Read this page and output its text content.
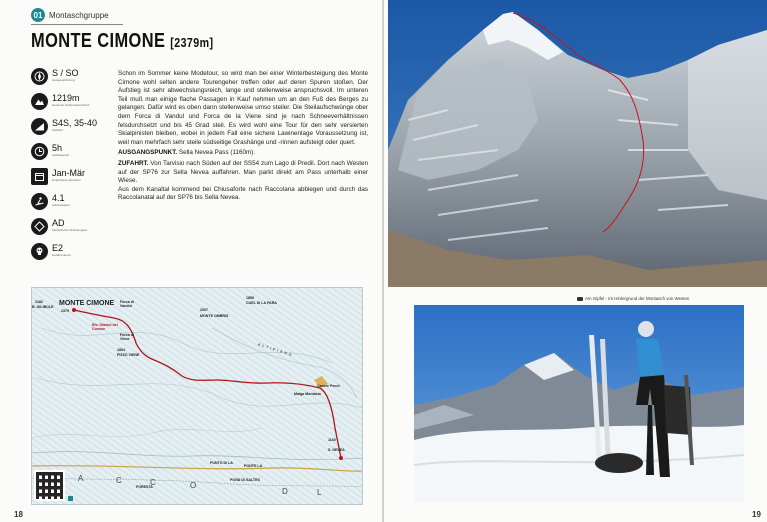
01 Montaschgruppe
MONTE CIMONE [2379m]
S / SO
Hangausrichtung
1219m
Gesamte Höhenunterschied
S4S, 35-40
Steilheit
5h
Aufstiegszeit
Jan-Mär
Empfohlene Zeitraum
4.1
Schwierigkeit
AD
Alpinistische Schwierigkeit
E2
Gefahrenlevel

Schon im Sommer keine Modetour, so wird man bei einer Winterbesteigung des Monte Cimone wohl selten andere Tourengeher treffen oder auf deren Spuren stoßen. Der Aufstieg ist sehr abwechslungsreich, lange und stellenweise anspruchsvoll. Im unteren Teil muß man einige flache Passagen in Kauf nehmen um an den Fuß des Berges zu gelangen. Dafür wird es oben dann stellenweise umso steiler. Die Steilaufschwünge ober dem Forca di Vandul und Forca de la Viene sind je nach Schneeverhältnissen felsdurchsetzt und bis 45 Grad steil. Es wird wohl eine Tour für den sehr versierten Skialpinisten bleiben, wobei in jedem Fall eine sichere Lawinenlage Voraussetzung ist, weil man mehrfach sehr steile südseitige Grashänge und -rinnen aufsteigt oder quert.

AUSGANGSPUNKT. Sella Nevea Pass (1160m).

ZUFAHRT. Von Tarvisio nach Süden auf der SS54 zum Lago di Predil. Dort nach Westen auf der SP76 zur Sella Nevea auffahren. Man parkt direkt am Pass unterhalb einer Wiese.

Aus dem Kanaltal kommend bei Chiusaforte nach Raccolana abbiegen und durch das Raccolanatal auf der SP76 bis Sella Nevea.

2182
B. GILIBOLE MONTE CIMONE
2379
Forca di Vandul
Biv. Gianlui del Cimone
Forca di Viene
1864
PIZZO VIENE
2007
MONTE OMBRIS
1859
CUEL DI LA PARA
ALTIPIANO
Malga Montasio
Casere Pecol
1160
S. NEVEA
PUNTO DI LA
PONTE LA
POND DI SALTES
FORESTA
A	C	C	O
D	L
18
Am Gipfel - Im Hintergrund der Montasch von Westen
19
